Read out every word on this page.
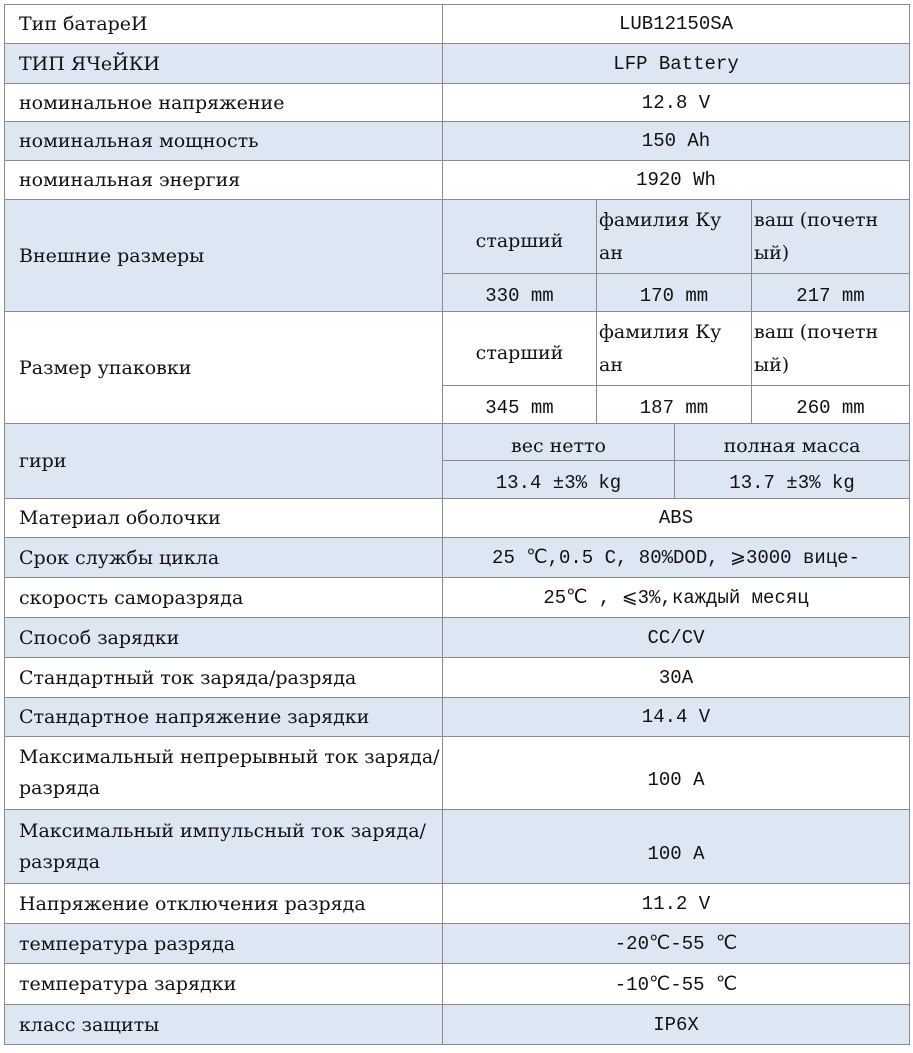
Тип батареИ	LUB12150SA			
ТИП ЯЧеЙКИ	LFP Battery			
номинальное напряжение	12.8 V			
номинальная мощность	150 Ah			
номинальная энергия	1920 Wh			
Внешние размеры	старший	фамилия Ку ан		ваш (почетн ый)
	330 mm	170 mm		217 mm
Размер упаковки	старший	фамилия Ку ан		ваш (почетн ый)
	345 mm	187 mm		260 mm
гири	вес нетто		полная масса	
	13.4 ±3% kg		13.7 ±3% kg	
Материал оболочки	ABS			
Срок службы цикла	25 ℃,0.5 C, 80%DOD, ⩾3000 вице-			
скорость саморазряда	25℃ , ⩽3%,каждый месяц			
Способ зарядки	CC/CV			
Стандартный ток заряда/разряда	30A			
Стандартное напряжение зарядки	14.4 V			
Максимальный непрерывный ток заряда/разряда	100 A			
Максимальный импульсный ток заряда/разряда	100 A			
Напряжение отключения разряда	11.2 V			
температура разряда	-20℃-55 ℃			
температура зарядки	-10℃-55 ℃			
класс защиты	IP6X			
